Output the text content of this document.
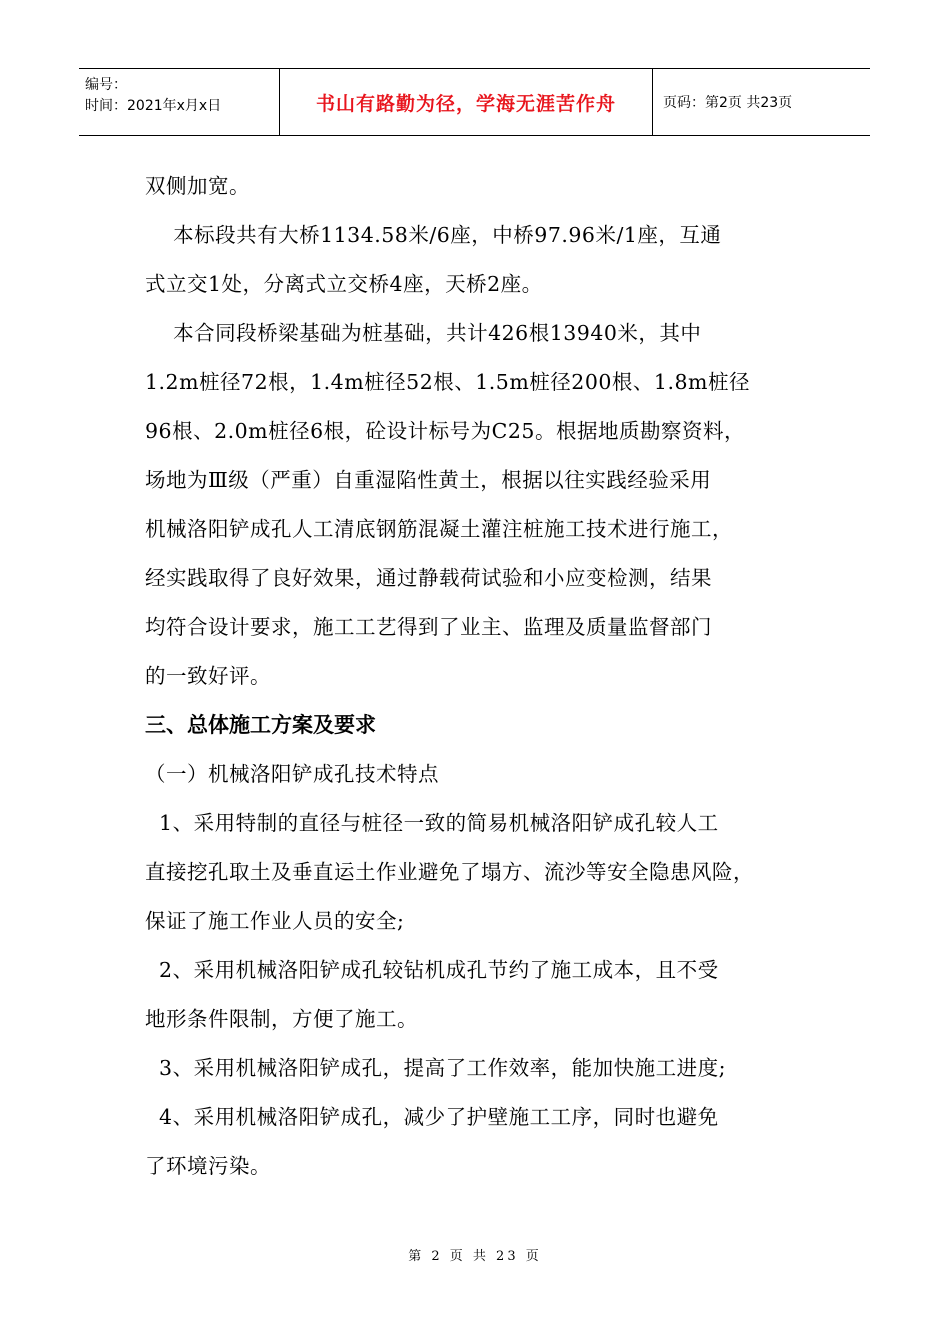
编号：
时间：2021年x月x日	书山有路勤为径，学海无涯苦作舟	页码：第2页 共23页

双侧加宽。

本标段共有大桥1134.58米/6座，中桥97.96米/1座，互通

式立交1处，分离式立交桥4座，天桥2座。

本合同段桥梁基础为桩基础，共计426根13940米，其中

1.2m桩径72根，1.4m桩径52根、1.5m桩径200根、1.8m桩径

96根、2.0m桩径6根，砼设计标号为C25。根据地质勘察资料，

场地为Ⅲ级（严重）自重湿陷性黄土，根据以往实践经验采用

机械洛阳铲成孔人工清底钢筋混凝土灌注桩施工技术进行施工，

经实践取得了良好效果，通过静载荷试验和小应变检测，结果

均符合设计要求，施工工艺得到了业主、监理及质量监督部门

的一致好评。

三、总体施工方案及要求

（一）机械洛阳铲成孔技术特点

1、采用特制的直径与桩径一致的简易机械洛阳铲成孔较人工

直接挖孔取土及垂直运土作业避免了塌方、流沙等安全隐患风险，

保证了施工作业人员的安全;

2、采用机械洛阳铲成孔较钻机成孔节约了施工成本，且不受

地形条件限制，方便了施工。

3、采用机械洛阳铲成孔，提高了工作效率，能加快施工进度;

4、采用机械洛阳铲成孔，减少了护壁施工工序，同时也避免

了环境污染。

第 2 页 共 23 页
